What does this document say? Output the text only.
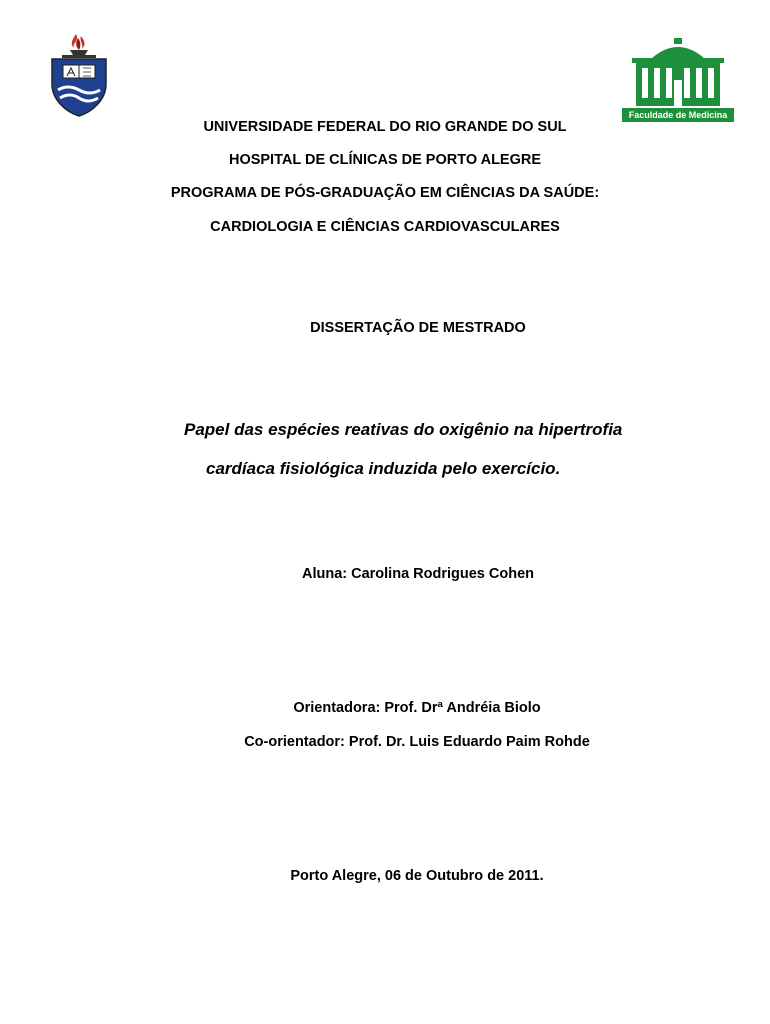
Faculdade de Medicina
UNIVERSIDADE FEDERAL DO RIO GRANDE DO SUL
HOSPITAL DE CLÍNICAS DE PORTO ALEGRE
PROGRAMA DE PÓS-GRADUAÇÃO EM CIÊNCIAS DA SAÚDE:
CARDIOLOGIA E CIÊNCIAS CARDIOVASCULARES
DISSERTAÇÃO DE MESTRADO
Papel das espécies reativas do oxigênio na hipertrofia
cardíaca fisiológica induzida pelo exercício.
Aluna: Carolina Rodrigues Cohen
Orientadora: Prof. Drª Andréia Biolo
Co-orientador: Prof. Dr. Luis Eduardo Paim Rohde
Porto Alegre, 06 de Outubro de 2011.
